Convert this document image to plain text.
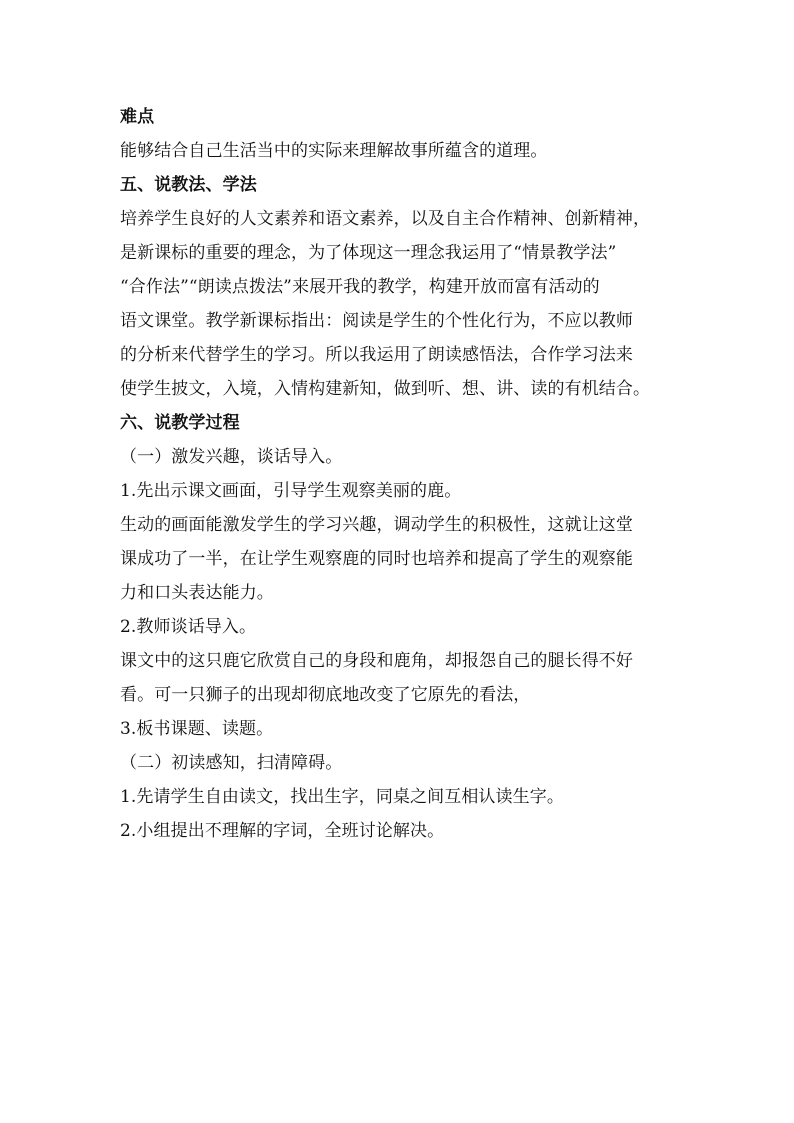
难点
能够结合自己生活当中的实际来理解故事所蕴含的道理。
五、说教法、学法
培养学生良好的人文素养和语文素养，以及自主合作精神、创新精神，
是新课标的重要的理念，为了体现这一理念我运用了“情景教学法”
“合作法”“朗读点拨法”来展开我的教学，构建开放而富有活动的
语文课堂。教学新课标指出：阅读是学生的个性化行为，不应以教师
的分析来代替学生的学习。所以我运用了朗读感悟法，合作学习法来
使学生披文，入境，入情构建新知，做到听、想、讲、读的有机结合。
六、说教学过程
（一）激发兴趣，谈话导入。
1.先出示课文画面，引导学生观察美丽的鹿。
生动的画面能激发学生的学习兴趣，调动学生的积极性，这就让这堂
课成功了一半，在让学生观察鹿的同时也培养和提高了学生的观察能
力和口头表达能力。
2.教师谈话导入。
课文中的这只鹿它欣赏自己的身段和鹿角，却报怨自己的腿长得不好
看。可一只狮子的出现却彻底地改变了它原先的看法，
3.板书课题、读题。
（二）初读感知，扫清障碍。
1.先请学生自由读文，找出生字，同桌之间互相认读生字。
2.小组提出不理解的字词，全班讨论解决。
